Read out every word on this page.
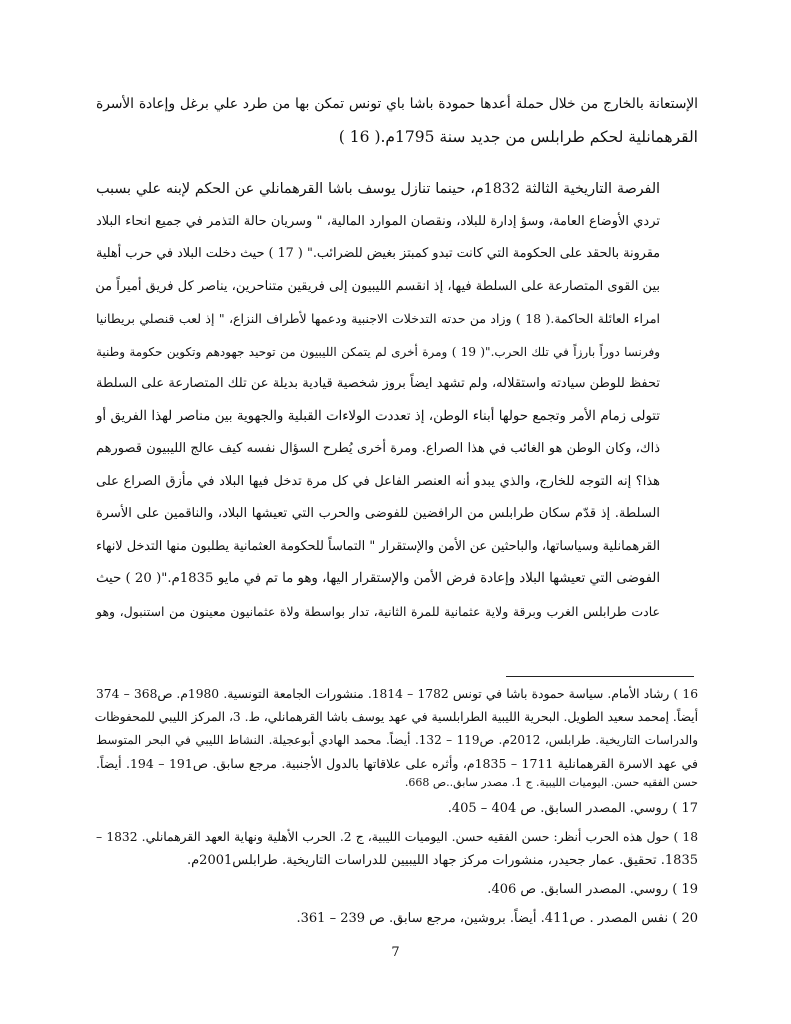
الإستعانة بالخارج من خلال حملة أعدها حمودة باشا باي تونس تمكن بها من طرد علي برغل وإعادة الأسرة
القرهمانلية لحكم طرابلس من جديد سنة 1795م.( 16 )

الفرصة التاريخية الثالثة 1832م، حينما تنازل يوسف باشا القرهمانلي عن الحكم لإبنه علي بسبب
تردي الأوضاع العامة، وسؤ إدارة للبلاد، ونقصان الموارد المالية، " وسريان حالة التذمر في جميع انحاء البلاد
مقرونة بالحقد على الحكومة التي كانت تبدو كمبتز بغيض للضرائب." ( 17 ) حيث دخلت البلاد في حرب أهلية
بين القوى المتصارعة على السلطة فيها، إذ انقسم الليبيون إلى فريقين متناحرين، يناصر كل فريق أميراً من
امراء العائلة الحاكمة.( 18 ) وزاد من حدته التدخلات الاجنبية ودعمها لأطراف النزاع، " إذ لعب قنصلي بريطانيا
وفرنسا دوراً بارزاً في تلك الحرب."( 19 ) ومرة أخرى لم يتمكن الليبيون من توحيد جهودهم وتكوين حكومة وطنية
تحفظ للوطن سيادته واستقلاله، ولم تشهد ايضاً بروز شخصية قيادية بديلة عن تلك المتصارعة على السلطة
تتولى زمام الأمر وتجمع حولها أبناء الوطن، إذ تعددت الولاءات القبلية والجهوية بين مناصر لهذا الفريق أو
ذاك، وكان الوطن هو الغائب في هذا الصراع. ومرة أخرى يُطرح السؤال نفسه كيف عالج الليبيون قصورهم
هذا؟ إنه التوجه للخارج، والذي يبدو أنه العنصر الفاعل في كل مرة تدخل فيها البلاد في مأزق الصراع على
السلطة. إذ قدّم سكان طرابلس من الرافضين للفوضى والحرب التي تعيشها البلاد، والناقمين على الأسرة
القرهمانلية وسياساتها، والباحثين عن الأمن والإستقرار " التماساً للحكومة العثمانية يطلبون منها التدخل لانهاء
الفوضى التي تعيشها البلاد وإعادة فرض الأمن والإستقرار اليها، وهو ما تم في مايو 1835م."( 20 ) حيث
عادت طرابلس الغرب وبرقة ولاية عثمانية للمرة الثانية، تدار بواسطة ولاة عثمانيون معينون من استنبول، وهو

16 ) رشاد الأمام. سياسة حمودة باشا في تونس 1782 – 1814. منشورات الجامعة التونسية. 1980م. ص368 – 374
أيضاً. إمحمد سعيد الطويل. البحرية الليبية الطرابلسية في عهد يوسف باشا القرهمانلي، ط. 3، المركز الليبي للمحفوظات
والدراسات التاريخية. طرابلس، 2012م. ص119 – 132. أيضاً. محمد الهادي أبوعجيلة. النشاط الليبي في البحر المتوسط
في عهد الاسرة القرهمانلية 1711 – 1835م، وأثره على علاقاتها بالدول الأجنبية. مرجع سابق. ص191 – 194. أيضاً.

حسن الفقيه حسن. اليوميات الليبية. ج 1. مصدر سابق..ص 668.

17 ) روسي. المصدر السابق. ص 404 – 405.

18 ) حول هذه الحرب أنظر: حسن الفقيه حسن. اليوميات الليبية، ج 2. الحرب الأهلية ونهاية العهد القرهمانلي. 1832 –
1835. تحقيق. عمار جحيدر، منشورات مركز جهاد الليبيين للدراسات التاريخية. طرابلس2001م.

19 ) روسي. المصدر السابق. ص 406.

20 ) نفس المصدر . ص411. أيضاً. بروشين، مرجع سابق. ص 239 – 361.

7
